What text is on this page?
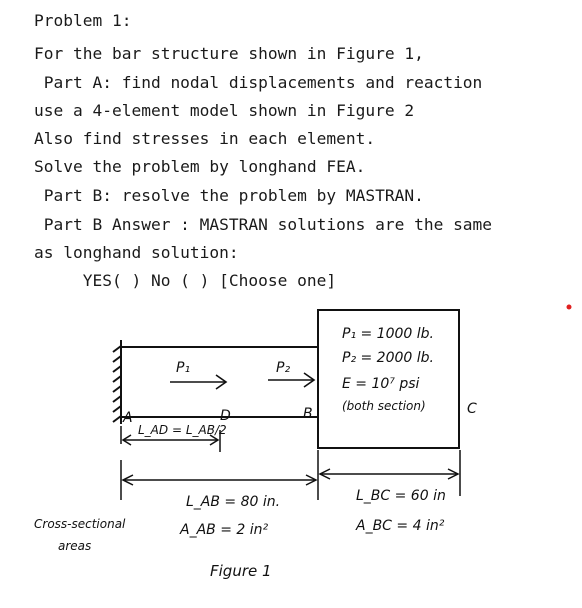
Problem 1:
For the bar structure shown in Figure 1,
Part A: find nodal displacements and reaction
use a 4-element model shown in Figure 2
Also find stresses in each element.
Solve the problem by longhand FEA.
Part B: resolve the problem by MASTRAN.
Part B Answer : MASTRAN solutions are the same
as longhand solution:
YES( ) No ( ) [Choose one]
P₁	P₂
A	D	B	C
P₁ = 1000 lb.
P₂ = 2000 lb.
E = 10⁷ psi
(both section)
L_AD = L_AB/2
L_AB = 80 in.
A_AB = 2 in²
L_BC = 60 in
A_BC = 4 in²
Cross-sectional
areas
Figure 1
